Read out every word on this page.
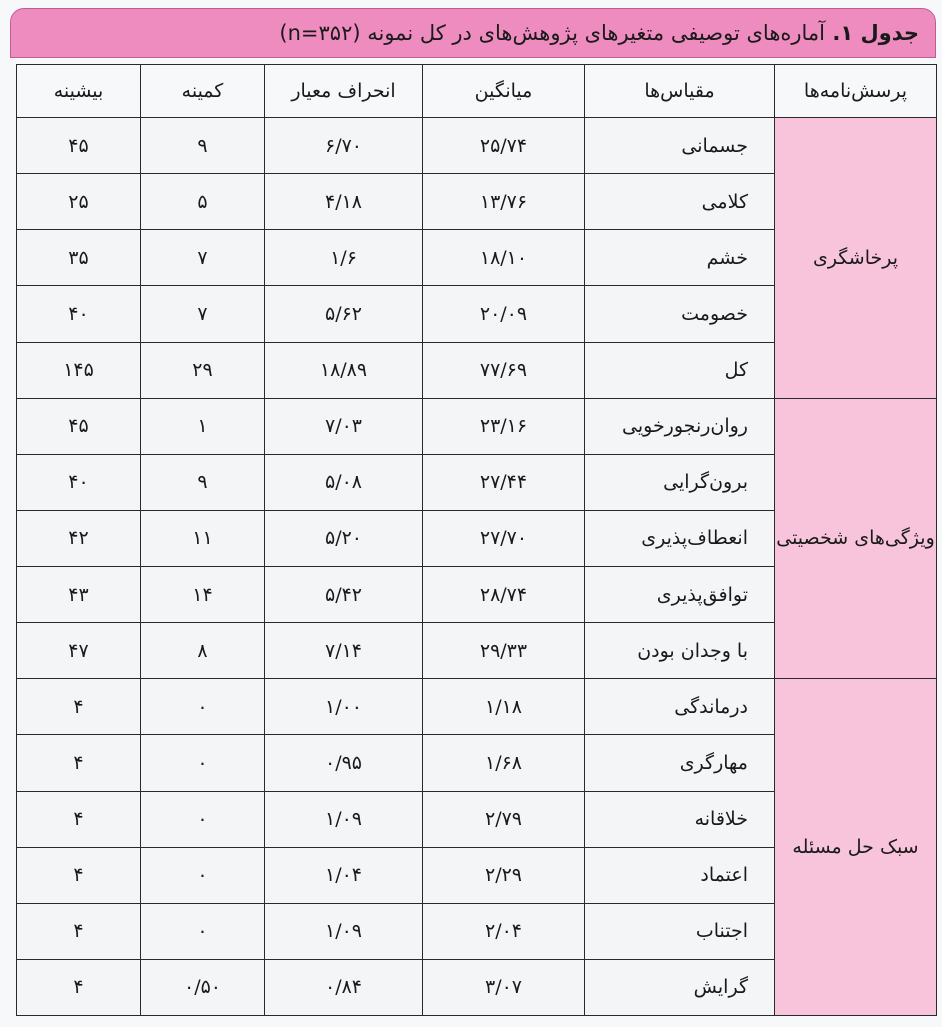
جدول ۱. آماره‌های توصیفی متغیرهای پژوهش‌های در کل نمونه (n=۳۵۲)
پرسش‌نامه‌ها	مقیاس‌ها	میانگین	انحراف معیار	کمینه	بیشینه
پرخاشگری	جسمانی	۲۵/۷۴	۶/۷۰	۹	۴۵
	کلامی	۱۳/۷۶	۴/۱۸	۵	۲۵
	خشم	۱۸/۱۰	۱/۶	۷	۳۵
	خصومت	۲۰/۰۹	۵/۶۲	۷	۴۰
	کل	۷۷/۶۹	۱۸/۸۹	۲۹	۱۴۵
ویژگی‌های شخصیتی	روان‌رنجورخویی	۲۳/۱۶	۷/۰۳	۱	۴۵
	برون‌گرایی	۲۷/۴۴	۵/۰۸	۹	۴۰
	انعطاف‌پذیری	۲۷/۷۰	۵/۲۰	۱۱	۴۲
	توافق‌پذیری	۲۸/۷۴	۵/۴۲	۱۴	۴۳
	با وجدان بودن	۲۹/۳۳	۷/۱۴	۸	۴۷
سبک حل مسئله	درماندگی	۱/۱۸	۱/۰۰	۰	۴
	مهارگری	۱/۶۸	۰/۹۵	۰	۴
	خلاقانه	۲/۷۹	۱/۰۹	۰	۴
	اعتماد	۲/۲۹	۱/۰۴	۰	۴
	اجتناب	۲/۰۴	۱/۰۹	۰	۴
	گرایش	۳/۰۷	۰/۸۴	۰/۵۰	۴
